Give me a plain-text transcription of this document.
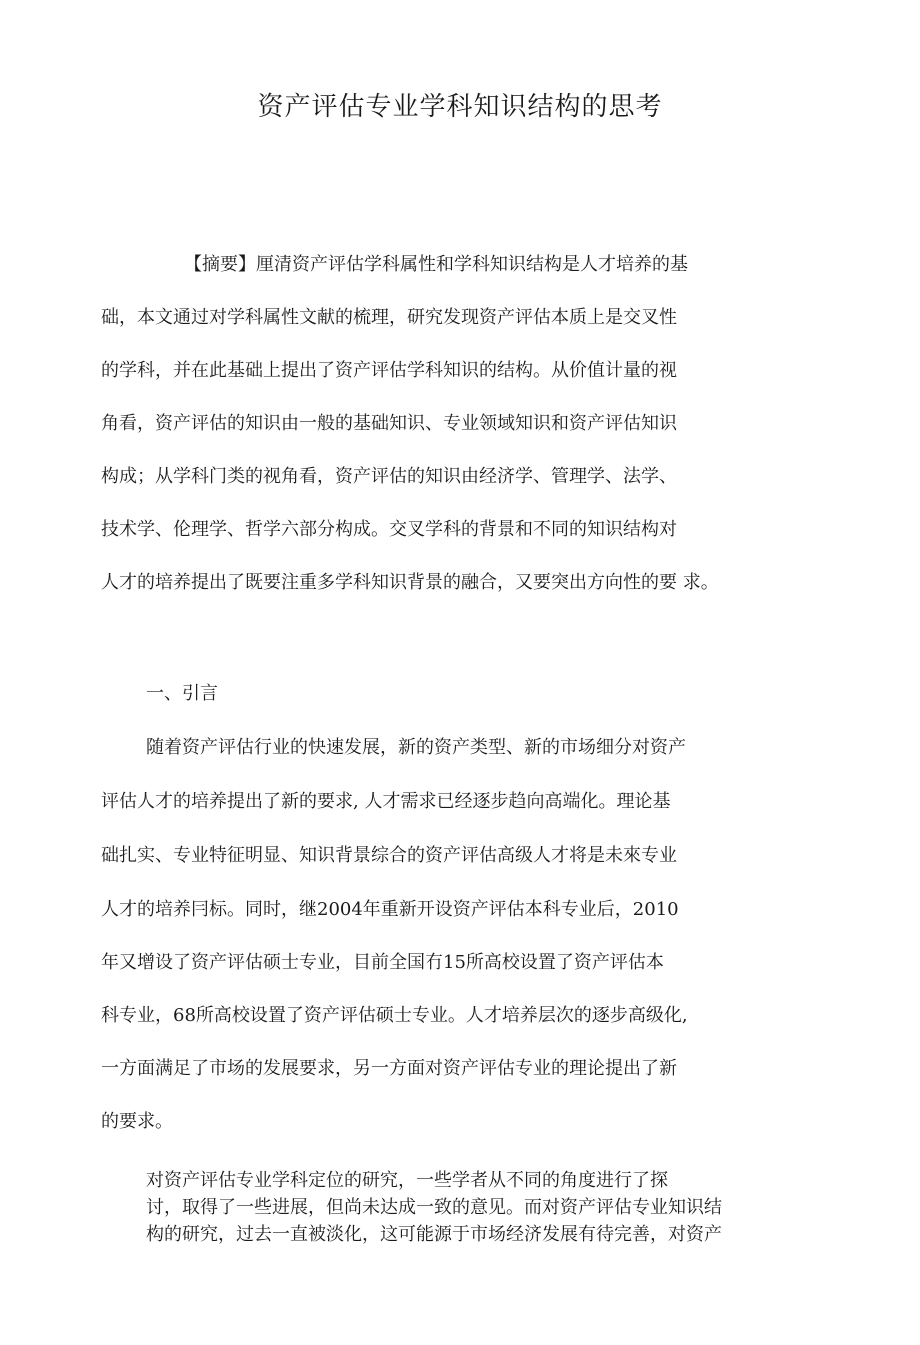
资产评估专业学科知识结构的思考

【摘要】厘清资产评估学科属性和学科知识结构是人才培养的基

础，本文通过对学科属性文献的梳理，研究发现资产评估本质上是交叉性

的学科，并在此基础上提出了资产评估学科知识的结构。从价值计量的视

角看，资产评估的知识由一般的基础知识、专业领域知识和资产评估知识

构成；从学科门类的视角看，资产评估的知识由经济学、管理学、法学、

技术学、伦理学、哲学六部分构成。交叉学科的背景和不同的知识结构对

人才的培养提出了既要注重多学科知识背景的融合，又要突出方向性的要 求。

一、引言

随着资产评估行业的快速发展，新的资产类型、新的市场细分对资产

评估人才的培养提出了新的要求, 人才需求已经逐步趋向高端化。理论基

础扎实、专业特征明显、知识背景综合的资产评估高级人才将是未來专业

人才的培养冃标。同时，继2004年重新开设资产评估本科专业后，2010

年又增设了资产评估硕士专业，目前全国冇15所高校设置了资产评估本

科专业，68所高校设置了资产评估硕士专业。人才培养层次的逐步高级化,

一方面满足了市场的发展要求，另一方面对资产评估专业的理论提出了新

的要求。

对资产评估专业学科定位的研究，一些学者从不同的角度进行了探

讨，取得了一些进展，但尚未达成一致的意见。而对资产评估专业知识结

构的研究，过去一直被淡化，这可能源于市场经济发展有待完善，对资产
